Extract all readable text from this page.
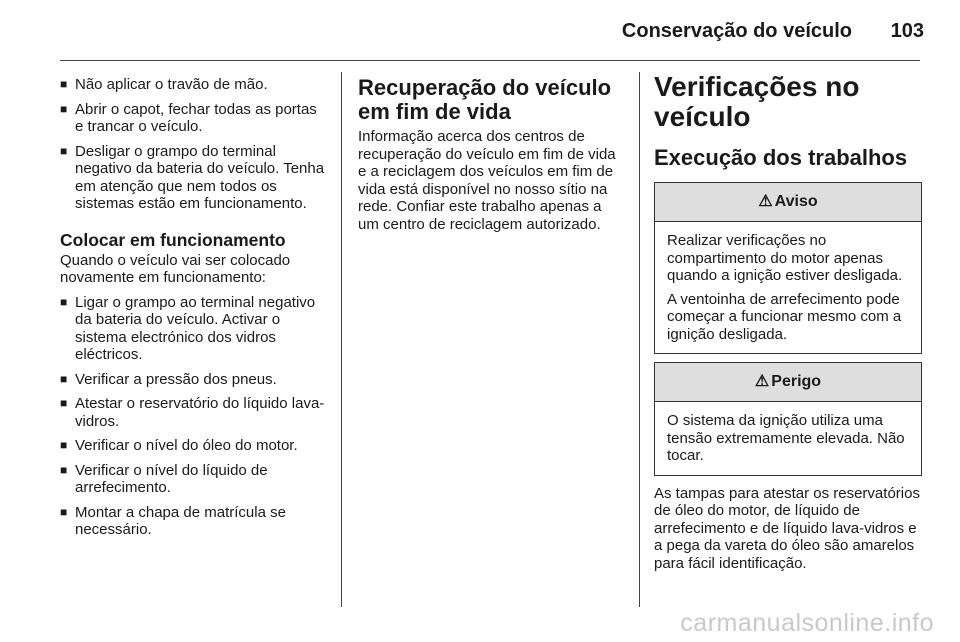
Conservação do veículo 103
■ Não aplicar o travão de mão.
■ Abrir o capot, fechar todas as portas e trancar o veículo.
■ Desligar o grampo do terminal negativo da bateria do veículo. Tenha em atenção que nem todos os sistemas estão em funcionamento.
Colocar em funcionamento

Quando o veículo vai ser colocado novamente em funcionamento:

■ Ligar o grampo ao terminal negativo da bateria do veículo. Activar o sistema electrónico dos vidros eléctricos.
■ Verificar a pressão dos pneus.
■ Atestar o reservatório do líquido lava-vidros.
■ Verificar o nível do óleo do motor.
■ Verificar o nível do líquido de arrefecimento.
■ Montar a chapa de matrícula se necessário.
Recuperação do veículo em fim de vida

Informação acerca dos centros de recuperação do veículo em fim de vida e a reciclagem dos veículos em fim de vida está disponível no nosso sítio na rede. Confiar este trabalho apenas a um centro de reciclagem autorizado.

Verificações no veículo
Execução dos trabalhos
⚠ Aviso

Realizar verificações no compartimento do motor apenas quando a ignição estiver desligada.

A ventoinha de arrefecimento pode começar a funcionar mesmo com a ignição desligada.

⚠ Perigo

O sistema da ignição utiliza uma tensão extremamente elevada. Não tocar.

As tampas para atestar os reservatórios de óleo do motor, de líquido de arrefecimento e de líquido lava-vidros e a pega da vareta do óleo são amarelos para fácil identificação.

carmanualsonline.info
